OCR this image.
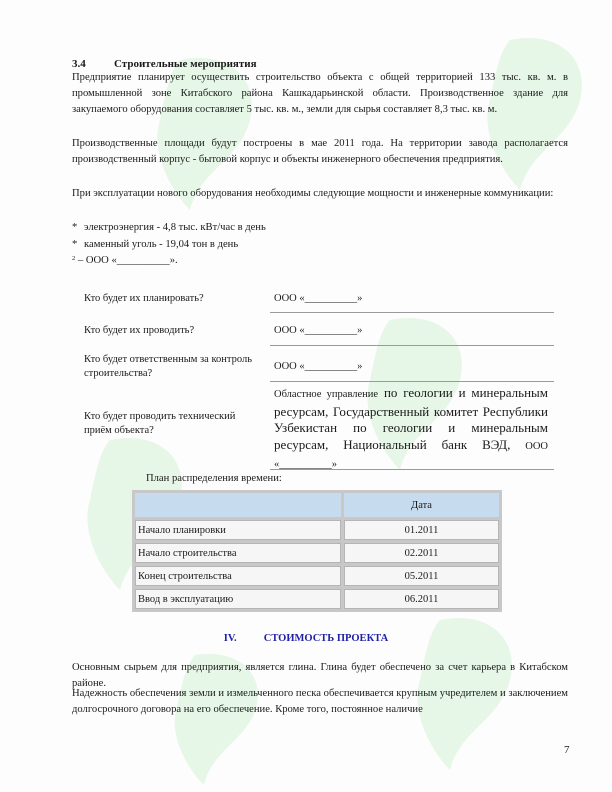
3.4	Строительные мероприятия
Предприятие планирует осуществить строительство объекта с общей территорией 133 тыс. кв. м. в промышленной зоне Китабского района Кашкадарьинской области. Производственное здание для закупаемого оборудования составляет 5 тыс. кв. м., земли для сырья составляет 8,3 тыс. кв. м.
Производственные площади будут построены в мае 2011 года. На территории завода располагается производственный корпус - бытовой корпус и объекты инженерного обеспечения предприятия.
При эксплуатации нового оборудования необходимы следующие мощности и инженерные коммуникации:
* электроэнергия - 4,8 тыс. кВт/час в день
* каменный уголь - 19,04 тон в день
$^2$ – ООО «__________».
Кто будет их планировать?	ООО «__________»
Кто будет их проводить?	ООО «__________»
Кто будет ответственным за контроль строительства?
ООО «__________»
Кто будет проводить технический приём объекта?
Областное управление по геологии и минеральным ресурсам, Государственный комитет Республики Узбекистан по геологии и минеральным ресурсам, Национальный банк ВЭД, ООО «__________»
План распределения времени:
	Дата
Начало планировки	01.2011
Начало строительства	02.2011
Конец строительства	05.2011
Ввод в эксплуатацию	06.2011
IV.	СТОИМОСТЬ ПРОЕКТА
Основным сырьем для предприятия, является глина. Глина будет обеспечено за счет карьера в Китабском районе.
Надежность обеспечения земли и измельченного песка обеспечивается крупным учредителем и заключением долгосрочного договора на его обеспечение. Кроме того, постоянное наличие
7
